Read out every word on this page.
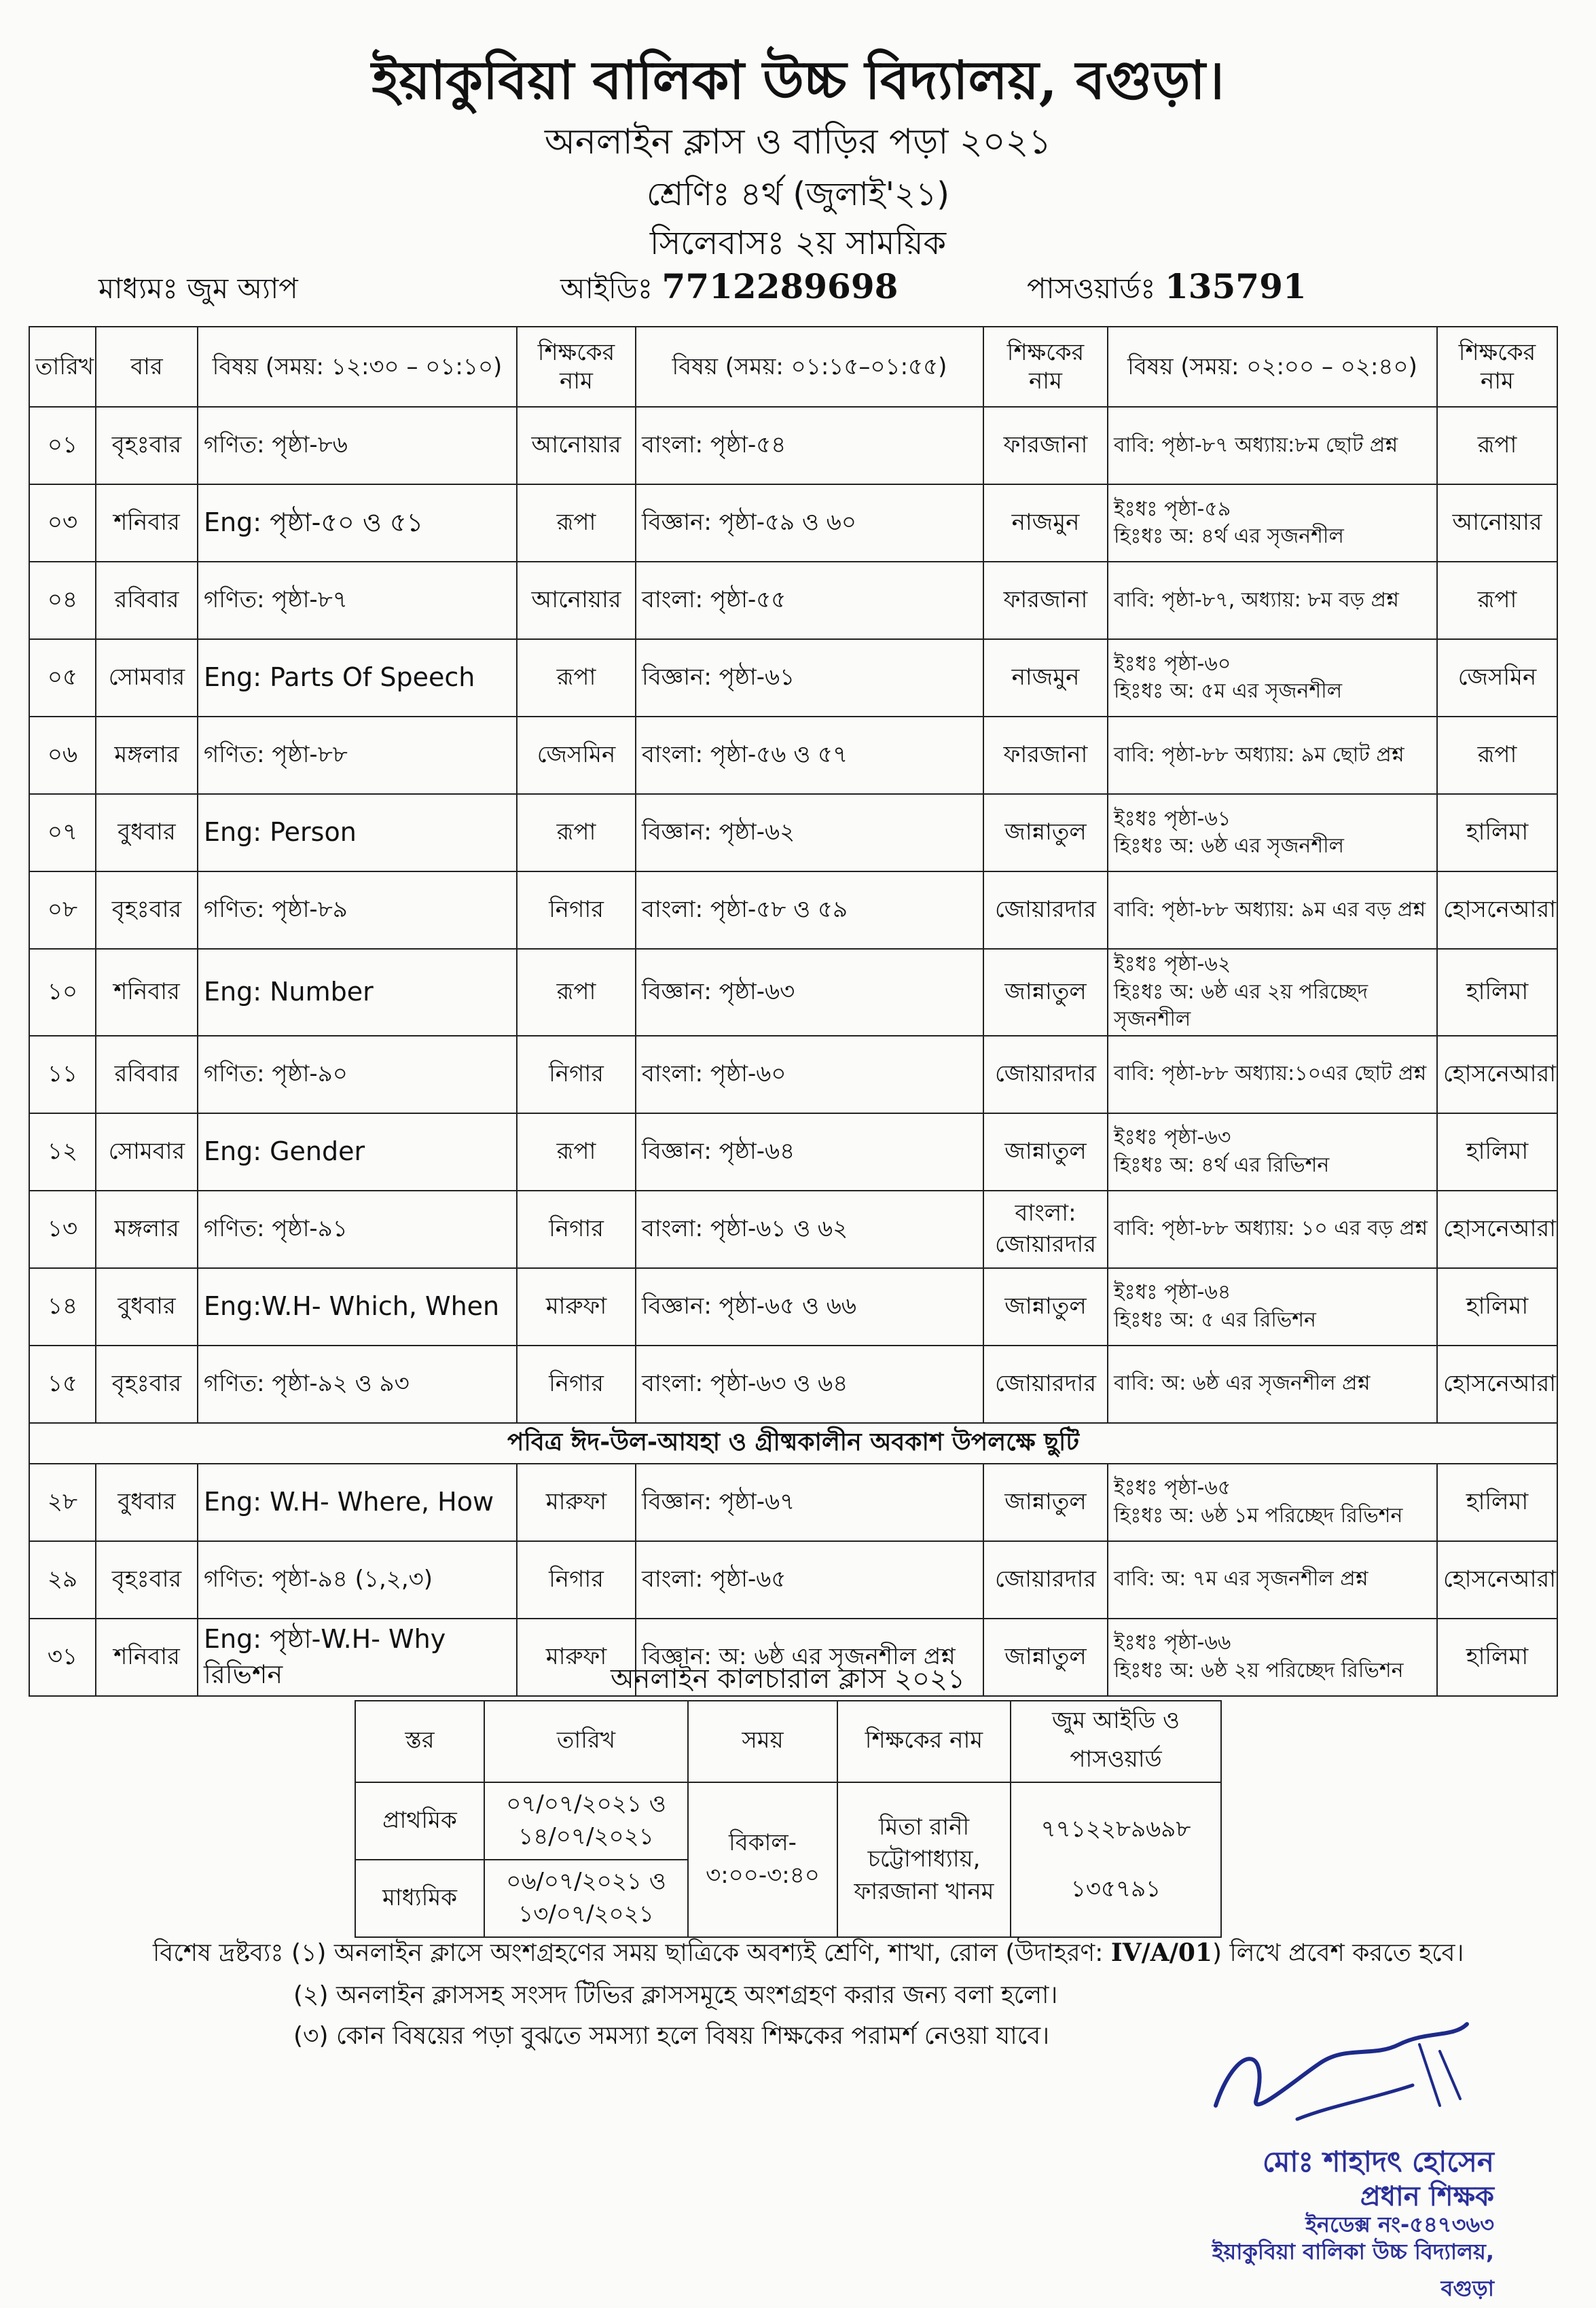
ইয়াকুবিয়া বালিকা উচ্চ বিদ্যালয়, বগুড়া।
অনলাইন ক্লাস ও বাড়ির পড়া ২০২১
শ্রেণিঃ ৪র্থ (জুলাই'২১)
সিলেবাসঃ ২য় সাময়িক
মাধ্যমঃ জুম অ্যাপ	আইডিঃ 7712289698	পাসওয়ার্ডঃ 135791
তারিখ	বার	বিষয় (সময়: ১২:৩০ – ০১:১০)	শিক্ষকের নাম	বিষয় (সময়: ০১:১৫–০১:৫৫)	শিক্ষকের নাম	বিষয় (সময়: ০২:০০ – ০২:৪০)	শিক্ষকের নাম
০১	বৃহঃবার	গণিত: পৃষ্ঠা-৮৬	আনোয়ার	বাংলা: পৃষ্ঠা-৫৪	ফারজানা	বাবি: পৃষ্ঠা-৮৭ অধ্যায়:৮ম ছোট প্রশ্ন	রূপা
০৩	শনিবার	Eng: পৃষ্ঠা-৫০ ও ৫১	রূপা	বিজ্ঞান: পৃষ্ঠা-৫৯ ও ৬০	নাজমুন	ইঃধঃ পৃষ্ঠা-৫৯
হিঃধঃ অ: ৪র্থ এর সৃজনশীল	আনোয়ার
০৪	রবিবার	গণিত: পৃষ্ঠা-৮৭	আনোয়ার	বাংলা: পৃষ্ঠা-৫৫	ফারজানা	বাবি: পৃষ্ঠা-৮৭, অধ্যায়: ৮ম বড় প্রশ্ন	রূপা
০৫	সোমবার	Eng: Parts Of Speech	রূপা	বিজ্ঞান: পৃষ্ঠা-৬১	নাজমুন	ইঃধঃ পৃষ্ঠা-৬০
হিঃধঃ অ: ৫ম এর সৃজনশীল	জেসমিন
০৬	মঙ্গলার	গণিত: পৃষ্ঠা-৮৮	জেসমিন	বাংলা: পৃষ্ঠা-৫৬ ও ৫৭	ফারজানা	বাবি: পৃষ্ঠা-৮৮ অধ্যায়: ৯ম ছোট প্রশ্ন	রূপা
০৭	বুধবার	Eng: Person	রূপা	বিজ্ঞান: পৃষ্ঠা-৬২	জান্নাতুল	ইঃধঃ পৃষ্ঠা-৬১
হিঃধঃ অ: ৬ষ্ঠ এর সৃজনশীল	হালিমা
০৮	বৃহঃবার	গণিত: পৃষ্ঠা-৮৯	নিগার	বাংলা: পৃষ্ঠা-৫৮ ও ৫৯	জোয়ারদার	বাবি: পৃষ্ঠা-৮৮ অধ্যায়: ৯ম এর বড় প্রশ্ন	হোসনেআরা
১০	শনিবার	Eng: Number	রূপা	বিজ্ঞান: পৃষ্ঠা-৬৩	জান্নাতুল	ইঃধঃ পৃষ্ঠা-৬২
হিঃধঃ অ: ৬ষ্ঠ এর ২য় পরিচ্ছেদ সৃজনশীল	হালিমা
১১	রবিবার	গণিত: পৃষ্ঠা-৯০	নিগার	বাংলা: পৃষ্ঠা-৬০	জোয়ারদার	বাবি: পৃষ্ঠা-৮৮ অধ্যায়:১০এর ছোট প্রশ্ন	হোসনেআরা
১২	সোমবার	Eng: Gender	রূপা	বিজ্ঞান: পৃষ্ঠা-৬৪	জান্নাতুল	ইঃধঃ পৃষ্ঠা-৬৩
হিঃধঃ অ: ৪র্থ এর রিভিশন	হালিমা
১৩	মঙ্গলার	গণিত: পৃষ্ঠা-৯১	নিগার	বাংলা: পৃষ্ঠা-৬১ ও ৬২	বাংলা: জোয়ারদার	বাবি: পৃষ্ঠা-৮৮ অধ্যায়: ১০ এর বড় প্রশ্ন	হোসনেআরা
১৪	বুধবার	Eng:W.H- Which, When	মারুফা	বিজ্ঞান: পৃষ্ঠা-৬৫ ও ৬৬	জান্নাতুল	ইঃধঃ পৃষ্ঠা-৬৪
হিঃধঃ অ: ৫ এর রিভিশন	হালিমা
১৫	বৃহঃবার	গণিত: পৃষ্ঠা-৯২ ও ৯৩	নিগার	বাংলা: পৃষ্ঠা-৬৩ ও ৬৪	জোয়ারদার	বাবি: অ: ৬ষ্ঠ এর সৃজনশীল প্রশ্ন	হোসনেআরা
পবিত্র ঈদ-উল-আযহা ও গ্রীষ্মকালীন অবকাশ উপলক্ষে ছুটি							
২৮	বুধবার	Eng: W.H- Where, How	মারুফা	বিজ্ঞান: পৃষ্ঠা-৬৭	জান্নাতুল	ইঃধঃ পৃষ্ঠা-৬৫
হিঃধঃ অ: ৬ষ্ঠ ১ম পরিচ্ছেদ রিভিশন	হালিমা
২৯	বৃহঃবার	গণিত: পৃষ্ঠা-৯৪ (১,২,৩)	নিগার	বাংলা: পৃষ্ঠা-৬৫	জোয়ারদার	বাবি: অ: ৭ম এর সৃজনশীল প্রশ্ন	হোসনেআরা
৩১	শনিবার	Eng: পৃষ্ঠা-W.H- Why রিভিশন	মারুফা	বিজ্ঞান: অ: ৬ষ্ঠ এর সৃজনশীল প্রশ্ন	জান্নাতুল	ইঃধঃ পৃষ্ঠা-৬৬
হিঃধঃ অ: ৬ষ্ঠ ২য় পরিচ্ছেদ রিভিশন	হালিমা
অনলাইন কালচারাল ক্লাস ২০২১
স্তর	তারিখ	সময়	শিক্ষকের নাম	জুম আইডি ও পাসওয়ার্ড
প্রাথমিক	০৭/০৭/২০২১ ও ১৪/০৭/২০২১	বিকাল- ৩:০০-৩:৪০	মিতা রানী চট্টোপাধ্যায়, ফারজানা খানম	৭৭১২২৮৯৬৯৮
১৩৫৭৯১

মাধ্যমিক	০৬/০৭/২০২১ ও ১৩/০৭/২০২১			
বিশেষ দ্রষ্টব্যঃ (১) অনলাইন ক্লাসে অংশগ্রহণের সময় ছাত্রিকে অবশ্যই শ্রেণি, শাখা, রোল (উদাহরণ: IV/A/01) লিখে প্রবেশ করতে হবে।
(২) অনলাইন ক্লাসসহ সংসদ টিভির ক্লাসসমূহে অংশগ্রহণ করার জন্য বলা হলো।
(৩) কোন বিষয়ের পড়া বুঝতে সমস্যা হলে বিষয় শিক্ষকের পরামর্শ নেওয়া যাবে।
মোঃ শাহাদৎ হোসেন
প্রধান শিক্ষক
ইনডেক্স নং-৫৪৭৩৬৩
ইয়াকুবিয়া বালিকা উচ্চ বিদ্যালয়, বগুড়া
